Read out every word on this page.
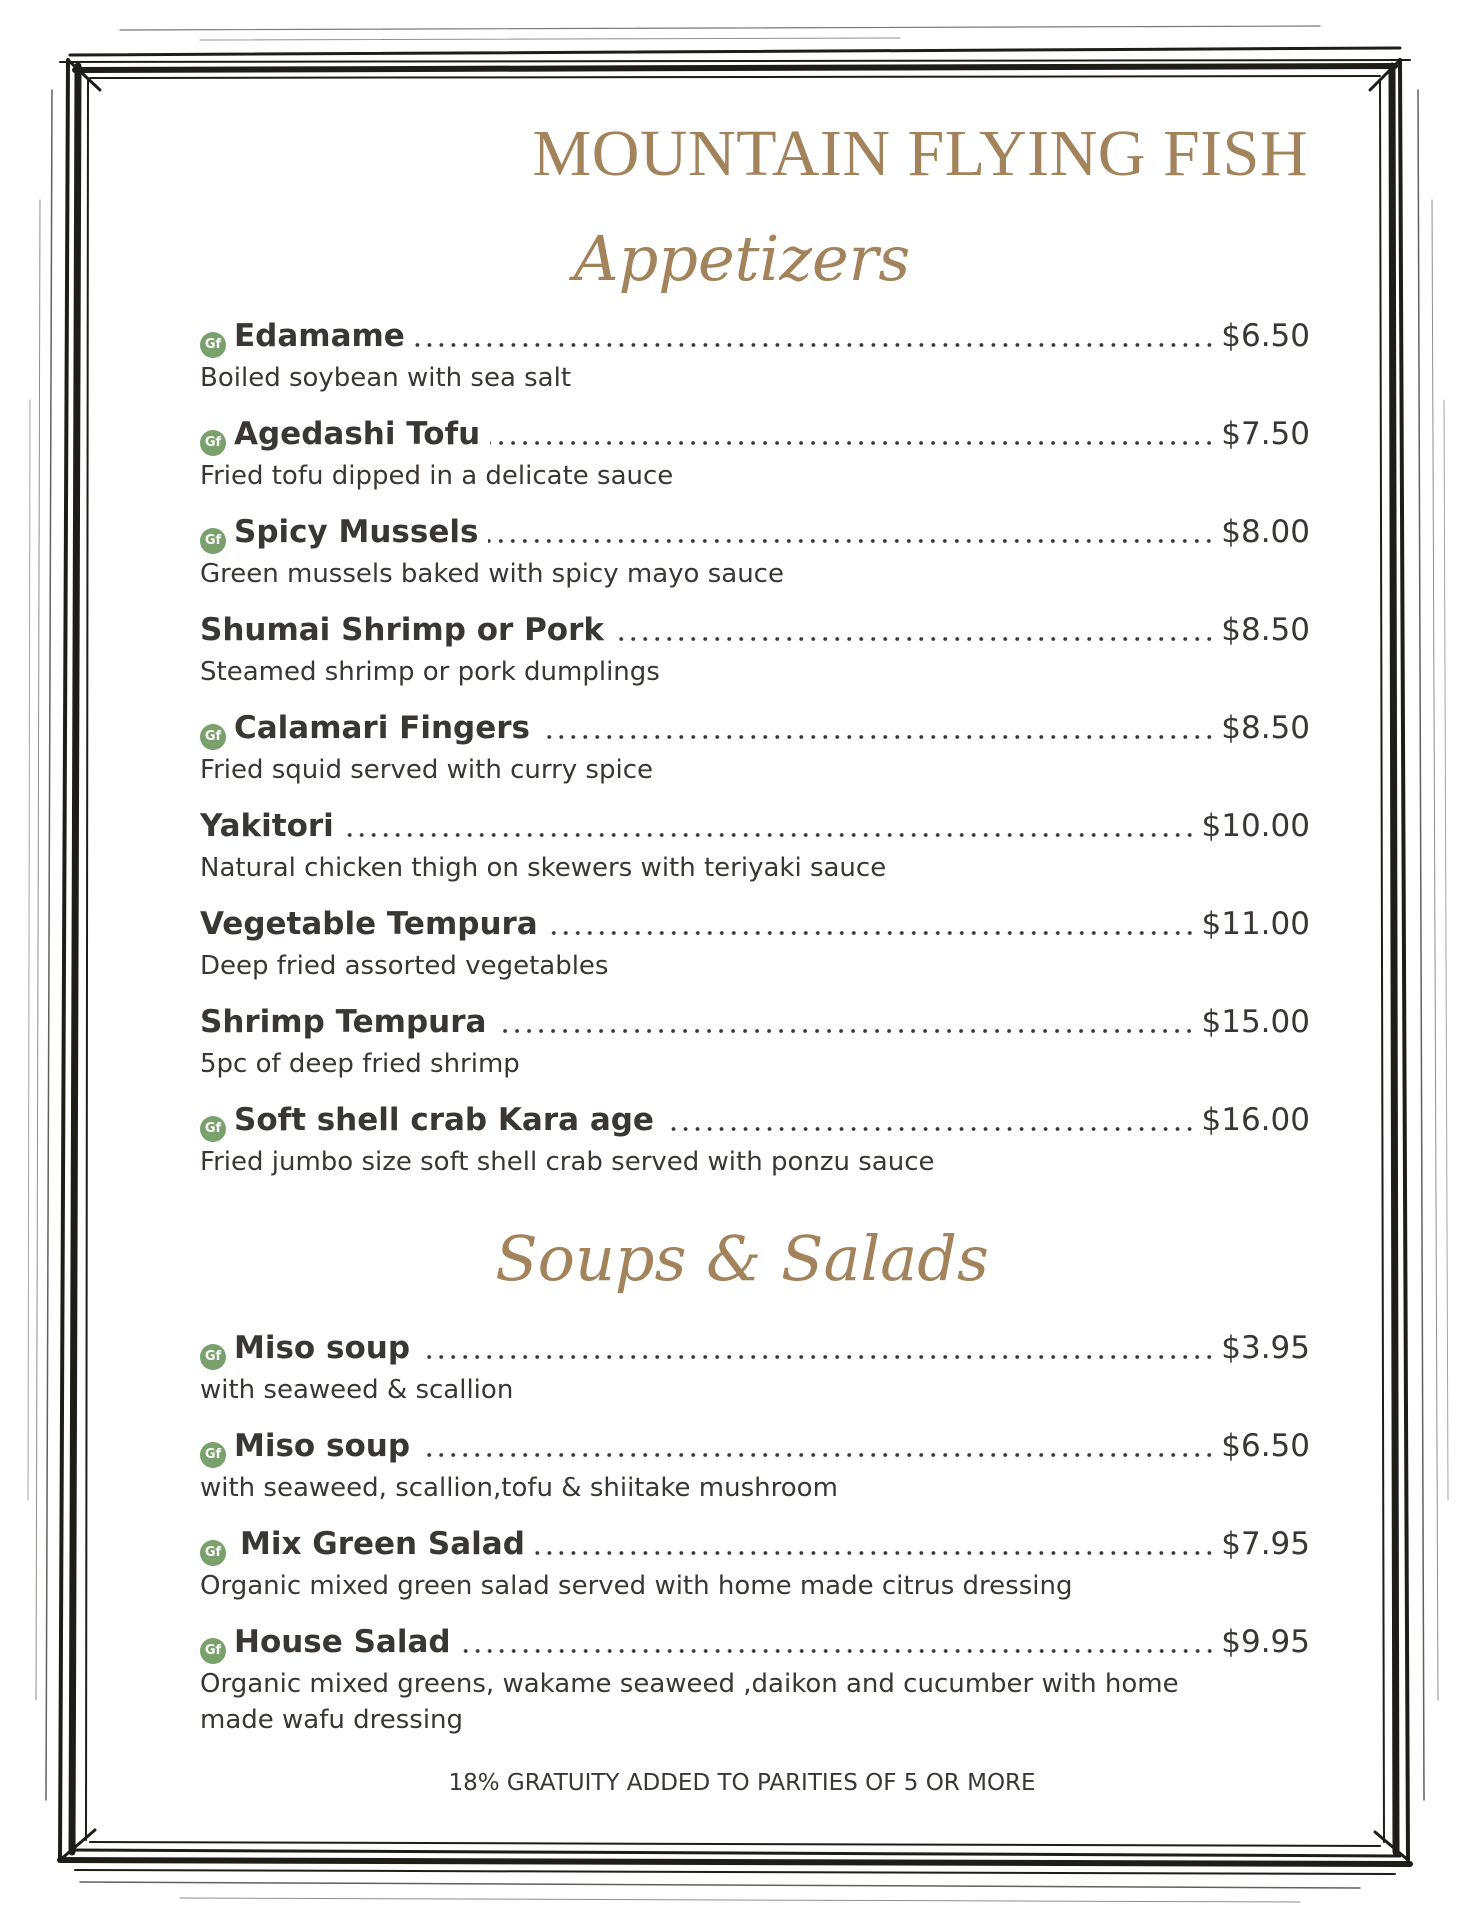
MOUNTAIN FLYING FISH
Appetizers
Gf Edamame	$6.50
Boiled soybean with sea salt
Gf Agedashi Tofu	$7.50
Fried tofu dipped in a delicate sauce
Gf Spicy Mussels	$8.00
Green mussels baked with spicy mayo sauce
Shumai Shrimp or Pork	$8.50
Steamed shrimp or pork dumplings
Gf Calamari Fingers	$8.50
Fried squid served with curry spice
Yakitori	$10.00
Natural chicken thigh on skewers with teriyaki sauce
Vegetable Tempura	$11.00
Deep fried assorted vegetables
Shrimp Tempura	$15.00
5pc of deep fried shrimp
Gf Soft shell crab Kara age	$16.00
Fried jumbo size soft shell crab served with ponzu sauce
Soups & Salads
Gf Miso soup	$3.95
with seaweed & scallion
Gf Miso soup	$6.50
with seaweed, scallion,tofu & shiitake mushroom
Gf Mix Green Salad	$7.95
Organic mixed green salad served with home made citrus dressing
Gf House Salad	$9.95
Organic mixed greens, wakame seaweed ,daikon and cucumber with home made wafu dressing
18% GRATUITY ADDED TO PARITIES OF 5 OR MORE
